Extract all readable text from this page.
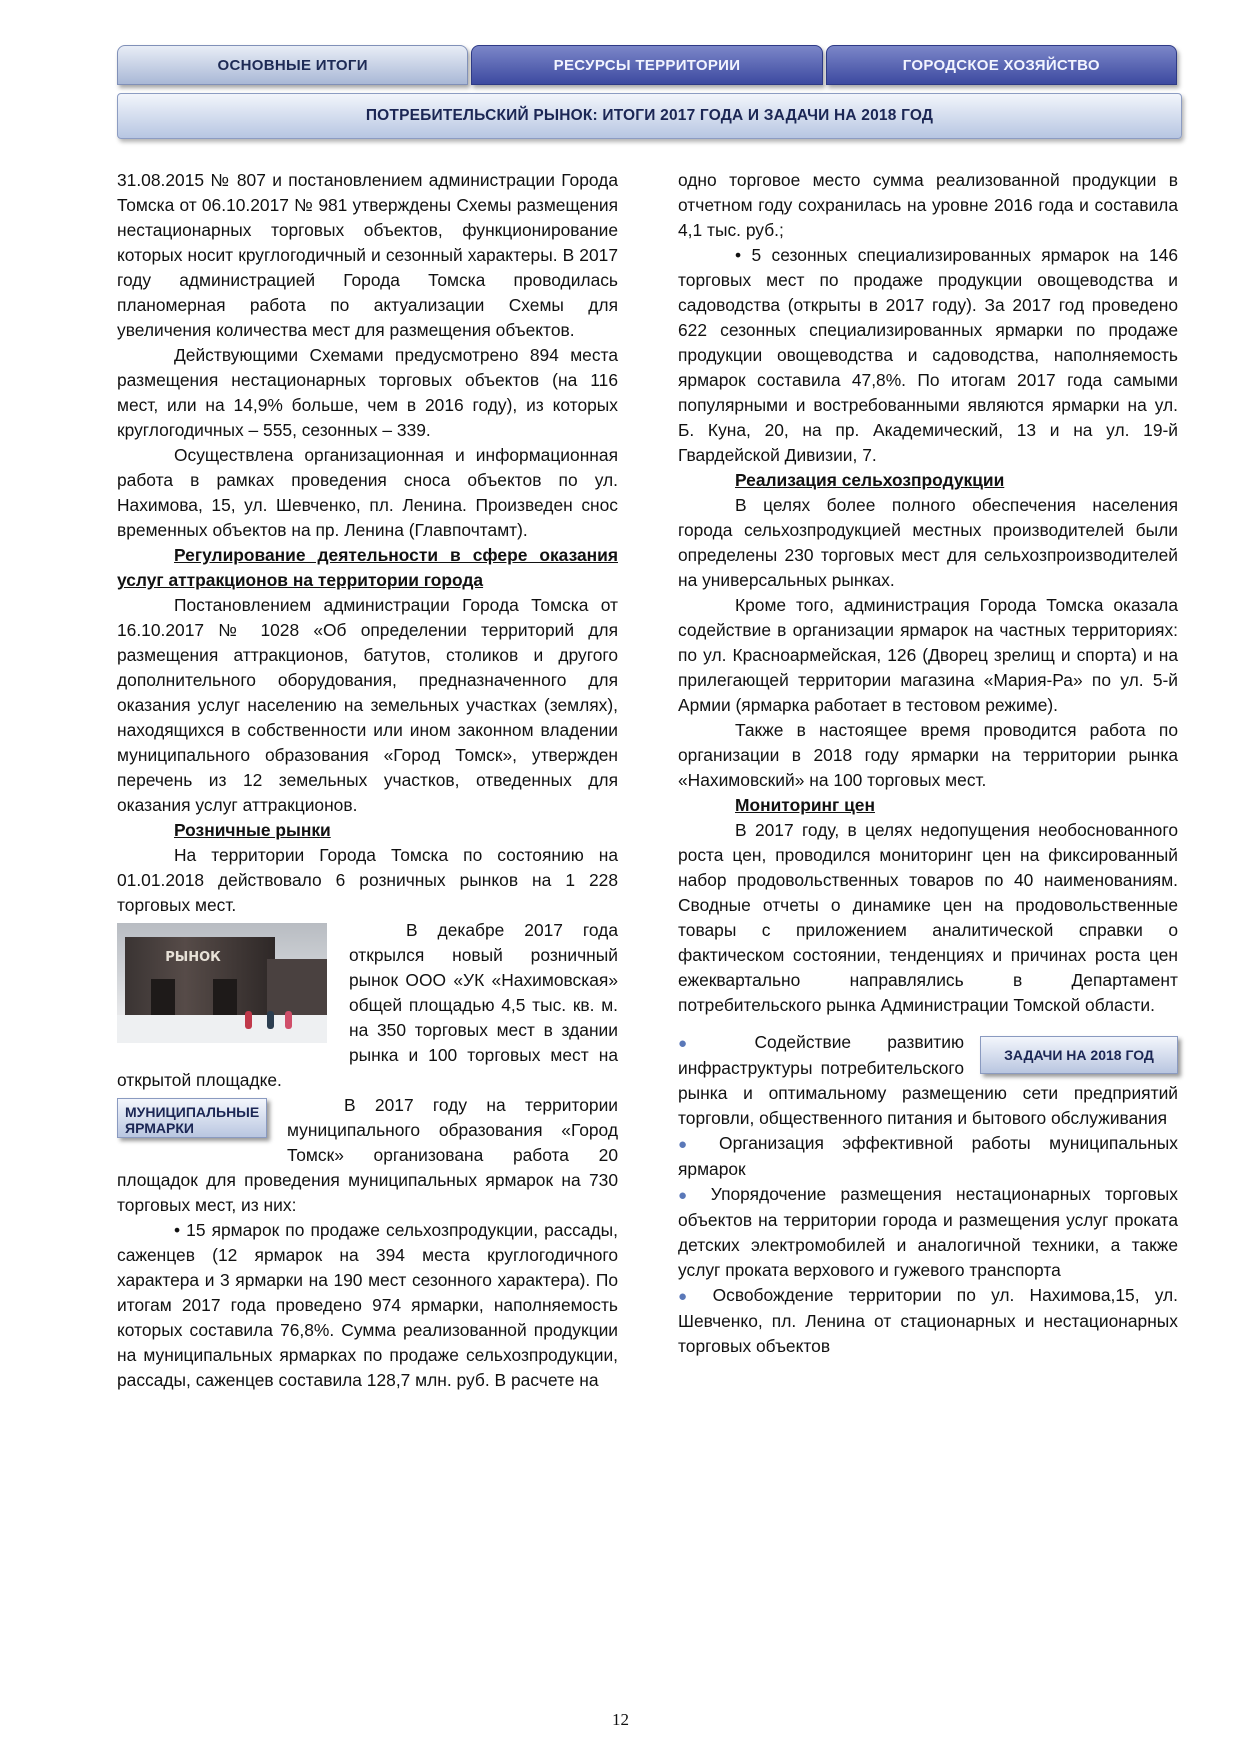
ОСНОВНЫЕ ИТОГИ	РЕСУРСЫ ТЕРРИТОРИИ	ГОРОДСКОЕ ХОЗЯЙСТВО
ПОТРЕБИТЕЛЬСКИЙ РЫНОК: ИТОГИ 2017 ГОДА И ЗАДАЧИ НА 2018 ГОД

31.08.2015 № 807 и постановлением администрации Города Томска от 06.10.2017 № 981 утверждены Схемы размещения нестационарных торговых объектов, функционирование которых носит круглогодичный и сезонный характеры. В 2017 году администрацией Города Томска проводилась планомерная работа по актуализации Схемы для увеличения количества мест для размещения объектов.

Действующими Схемами предусмотрено 894 места размещения нестационарных торговых объектов (на 116 мест, или на 14,9% больше, чем в 2016 году), из которых круглогодичных – 555, сезонных – 339.

Осуществлена организационная и информационная работа в рамках проведения сноса объектов по ул. Нахимова, 15, ул. Шевченко, пл. Ленина. Произведен снос временных объектов на пр. Ленина (Главпочтамт).

Регулирование деятельности в сфере оказания услуг аттракционов на территории города

Постановлением администрации Города Томска от 16.10.2017 № 1028 «Об определении территорий для размещения аттракционов, батутов, столиков и другого дополнительного оборудования, предназначенного для оказания услуг населению на земельных участках (землях), находящихся в собственности или ином законном владении муниципального образования «Город Томск», утвержден перечень из 12 земельных участков, отведенных для оказания услуг аттракционов.

Розничные рынки

На территории Города Томска по состоянию на 01.01.2018 действовало 6 розничных рынков на 1 228 торговых мест.

РЫНОК

В декабре 2017 года открылся новый розничный рынок ООО «УК «Нахимовская» общей площадью 4,5 тыс. кв. м. на 350 торговых мест в здании рынка и 100 торговых мест на открытой площадке.

МУНИЦИПАЛЬНЫЕ ЯРМАРКИ

В 2017 году на территории муниципального образования «Город Томск» организована работа 20 площадок для проведения муниципальных ярмарок на 730 торговых мест, из них:

• 15 ярмарок по продаже сельхозпродукции, рассады, саженцев (12 ярмарок на 394 места круглогодичного характера и 3 ярмарки на 190 мест сезонного характера). По итогам 2017 года проведено 974 ярмарки, наполняемость которых составила 76,8%. Сумма реализованной продукции на муниципальных ярмарках по продаже сельхозпродукции, рассады, саженцев составила 128,7 млн. руб. В расчете на

одно торговое место сумма реализованной продукции в отчетном году сохранилась на уровне 2016 года и составила 4,1 тыс. руб.;

• 5 сезонных специализированных ярмарок на 146 торговых мест по продаже продукции овощеводства и садоводства (открыты в 2017 году). За 2017 год проведено 622 сезонных специализированных ярмарки по продаже продукции овощеводства и садоводства, наполняемость ярмарок составила 47,8%. По итогам 2017 года самыми популярными и востребованными являются ярмарки на ул. Б. Куна, 20, на пр. Академический, 13 и на ул. 19-й Гвардейской Дивизии, 7.

Реализация сельхозпродукции

В целях более полного обеспечения населения города сельхозпродукцией местных производителей были определены 230 торговых мест для сельхозпроизводителей на универсальных рынках.

Кроме того, администрация Города Томска оказала содействие в организации ярмарок на частных территориях: по ул. Красноармейская, 126 (Дворец зрелищ и спорта) и на прилегающей территории магазина «Мария-Ра» по ул. 5-й Армии (ярмарка работает в тестовом режиме).

Также в настоящее время проводится работа по организации в 2018 году ярмарки на территории рынка «Нахимовский» на 100 торговых мест.

Мониторинг цен

В 2017 году, в целях недопущения необоснованного роста цен, проводился мониторинг цен на фиксированный набор продовольственных товаров по 40 наименованиям. Сводные отчеты о динамике цен на продовольственные товары с приложением аналитической справки о фактическом состоянии, тенденциях и причинах роста цен ежеквартально направлялись в Департамент потребительского рынка Администрации Томской области.

ЗАДАЧИ НА 2018 ГОД

● Содействие развитию инфраструктуры потребительского рынка и оптимальному размещению сети предприятий торговли, общественного питания и бытового обслуживания

● Организация эффективной работы муниципальных ярмарок

● Упорядочение размещения нестационарных торговых объектов на территории города и размещения услуг проката детских электромобилей и аналогичной техники, а также услуг проката верхового и гужевого транспорта

● Освобождение территории по ул. Нахимова,15, ул. Шевченко, пл. Ленина от стационарных и нестационарных торговых объектов

12
